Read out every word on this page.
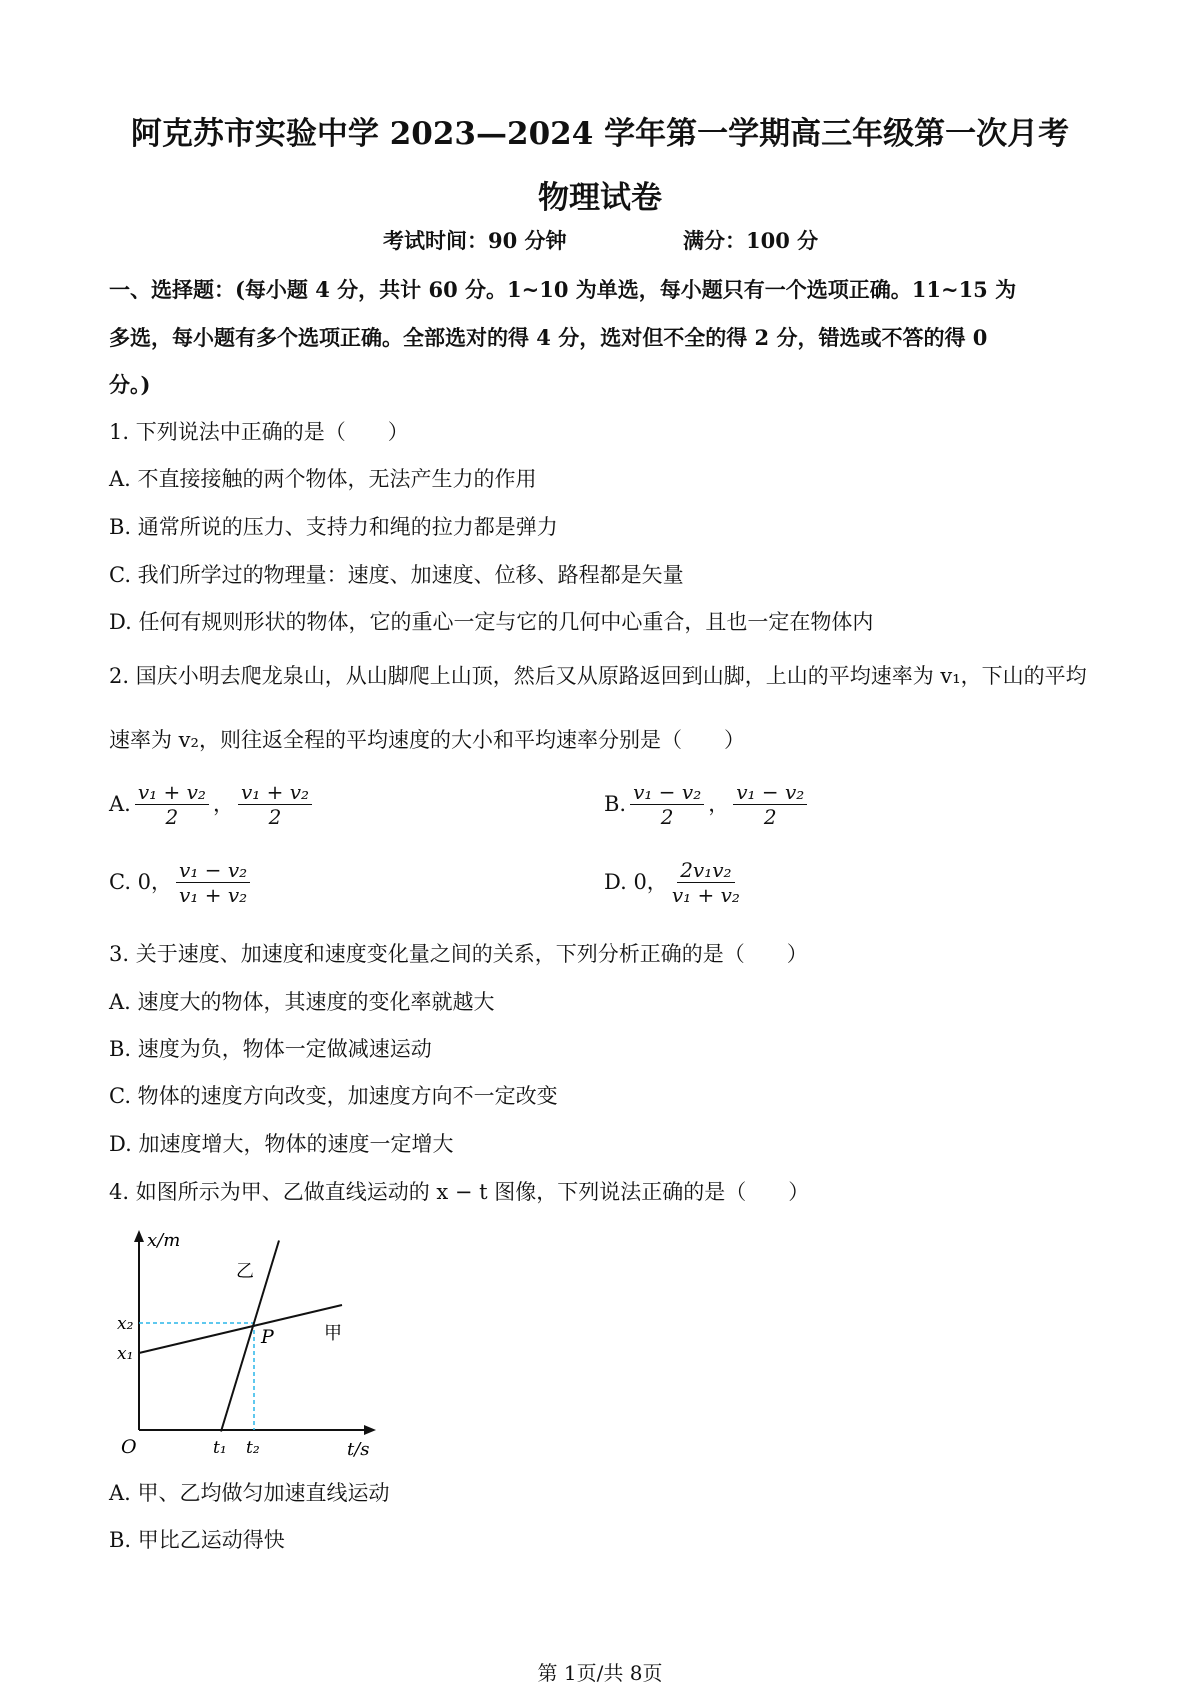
阿克苏市实验中学 2023—2024 学年第一学期高三年级第一次月考
物理试卷
考试时间：90 分钟	满分：100 分
一、选择题：(每小题 4 分，共计 60 分。1~10 为单选，每小题只有一个选项正确。11~15 为
多选，每小题有多个选项正确。全部选对的得 4 分，选对但不全的得 2 分，错选或不答的得 0
分。)
1. 下列说法中正确的是（　　）
A. 不直接接触的两个物体，无法产生力的作用
B. 通常所说的压力、支持力和绳的拉力都是弹力
C. 我们所学过的物理量：速度、加速度、位移、路程都是矢量
D. 任何有规则形状的物体，它的重心一定与它的几何中心重合，且也一定在物体内
2. 国庆小明去爬龙泉山，从山脚爬上山顶，然后又从原路返回到山脚，上山的平均速率为 v₁，下山的平均
速率为 v₂，则往返全程的平均速度的大小和平均速率分别是（　　）
A. $\frac{\text{v₁ + v₂}}{2}$ ， $\frac{\text{v₁ + v₂}}{2}$	B. $\frac{\text{v₁ − v₂}}{2}$ ， $\frac{\text{v₁ − v₂}}{2}$
C. 0， $\frac{\text{v₁ − v₂}}{\text{v₁ + v₂}}$	D. 0， $\frac{\text{2v₁v₂}}{\text{v₁ + v₂}}$
3. 关于速度、加速度和速度变化量之间的关系，下列分析正确的是（　　）
A. 速度大的物体，其速度的变化率就越大
B. 速度为负，物体一定做减速运动
C. 物体的速度方向改变，加速度方向不一定改变
D. 加速度增大，物体的速度一定增大
4. 如图所示为甲、乙做直线运动的 x − t 图像，下列说法正确的是（　　）
x/m
x₂
x₁
O	t₁ t₂	t/s
P	甲
乙
A. 甲、乙均做匀加速直线运动
B. 甲比乙运动得快
第 1页/共 8页
